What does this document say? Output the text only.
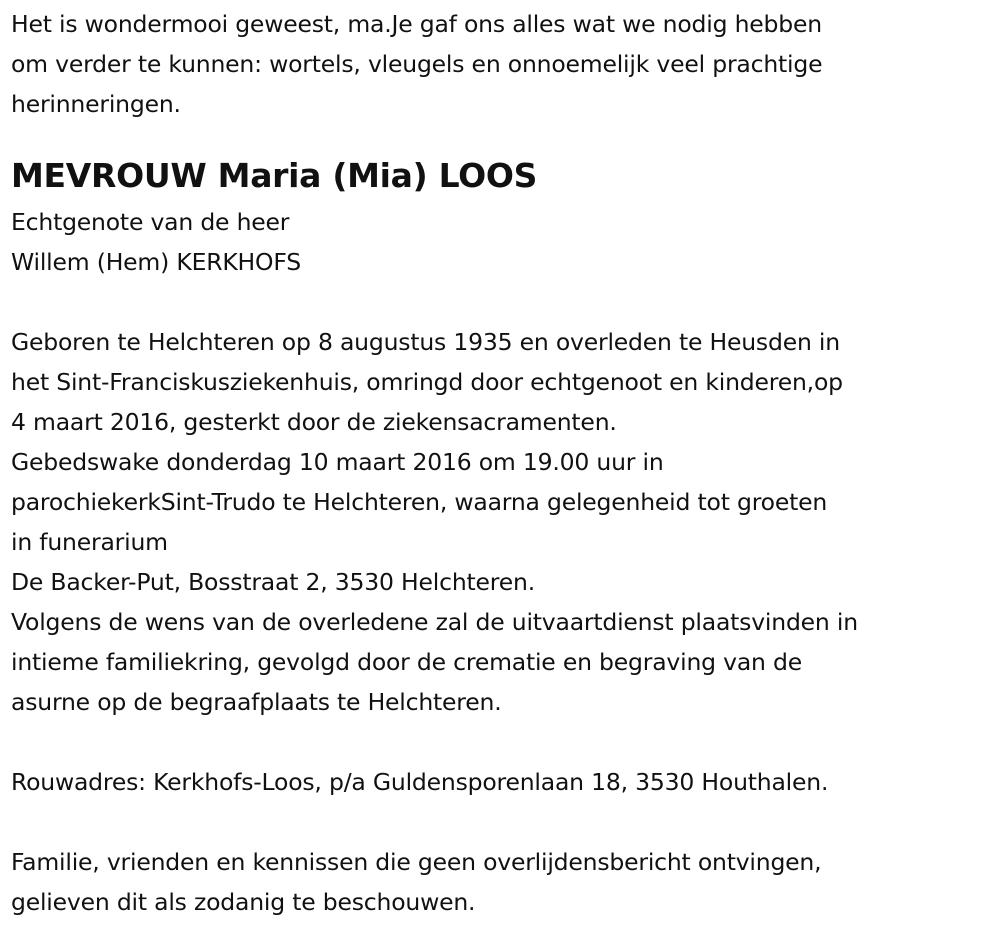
Het is wondermooi geweest, ma.Je gaf ons alles wat we nodig hebben
om verder te kunnen: wortels, vleugels en onnoemelijk veel prachtige
herinneringen.
MEVROUW Maria (Mia) LOOS
Echtgenote van de heer
Willem (Hem) KERKHOFS
Geboren te Helchteren op 8 augustus 1935 en overleden te Heusden in
het Sint-Franciskusziekenhuis, omringd door echtgenoot en kinderen,op
4 maart 2016, gesterkt door de ziekensacramenten.
Gebedswake donderdag 10 maart 2016 om 19.00 uur in
parochiekerkSint-Trudo te Helchteren, waarna gelegenheid tot groeten
in funerarium
De Backer-Put, Bosstraat 2, 3530 Helchteren.
Volgens de wens van de overledene zal de uitvaartdienst plaatsvinden in
intieme familiekring, gevolgd door de crematie en begraving van de
asurne op de begraafplaats te Helchteren.
Rouwadres: Kerkhofs-Loos, p/a Guldensporenlaan 18, 3530 Houthalen.
Familie, vrienden en kennissen die geen overlijdensbericht ontvingen,
gelieven dit als zodanig te beschouwen.
